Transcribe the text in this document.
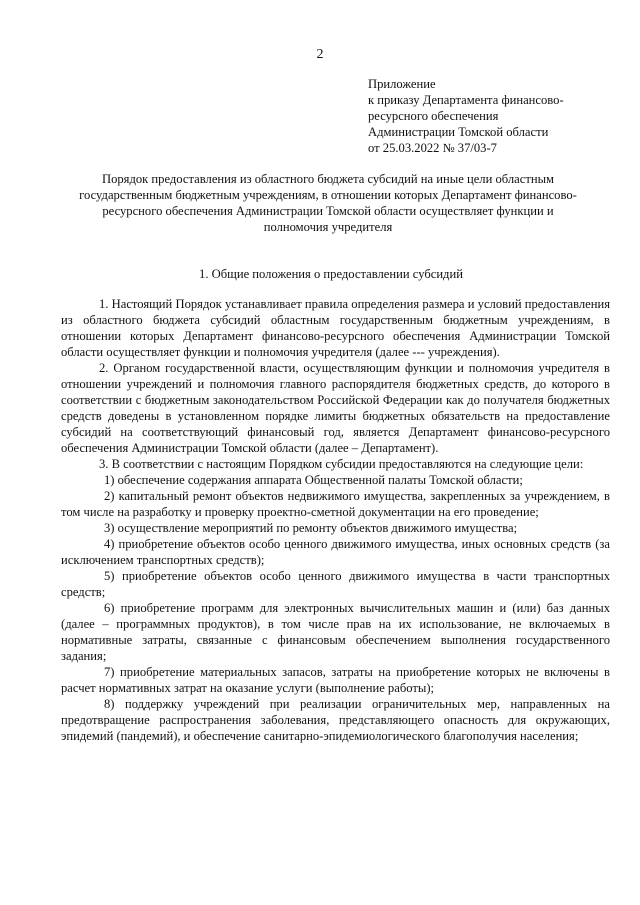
2
Приложение
к приказу Департамента финансово-
ресурсного обеспечения
Администрации Томской области
от 25.03.2022 № 37/03-7
Порядок предоставления из областного бюджета субсидий на иные цели областным государственным бюджетным учреждениям, в отношении которых Департамент финансово-ресурсного обеспечения Администрации Томской области осуществляет функции и полномочия учредителя
1. Общие положения о предоставлении субсидий

1. Настоящий Порядок устанавливает правила определения размера и условий предоставления из областного бюджета субсидий областным государственным бюджетным учреждениям, в отношении которых Департамент финансово-ресурсного обеспечения Администрации Томской области осуществляет функции и полномочия учредителя (далее --- учреждения).

2. Органом государственной власти, осуществляющим функции и полномочия учредителя в отношении учреждений и полномочия главного распорядителя бюджетных средств, до которого в соответствии с бюджетным законодательством Российской Федерации как до получателя бюджетных средств доведены в установленном порядке лимиты бюджетных обязательств на предоставление субсидий на соответствующий финансовый год, является Департамент финансово-ресурсного обеспечения Администрации Томской области (далее – Департамент).

3. В соответствии с настоящим Порядком субсидии предоставляются на следующие цели:

1) обеспечение содержания аппарата Общественной палаты Томской области;

2) капитальный ремонт объектов недвижимого имущества, закрепленных за учреждением, в том числе на разработку и проверку проектно-сметной документации на его проведение;

3) осуществление мероприятий по ремонту объектов движимого имущества;

4) приобретение объектов особо ценного движимого имущества, иных основных средств (за исключением транспортных средств);

5) приобретение объектов особо ценного движимого имущества в части транспортных средств;

6) приобретение программ для электронных вычислительных машин и (или) баз данных (далее – программных продуктов), в том числе прав на их использование, не включаемых в нормативные затраты, связанные с финансовым обеспечением выполнения государственного задания;

7) приобретение материальных запасов, затраты на приобретение которых не включены в расчет нормативных затрат на оказание услуги (выполнение работы);

8) поддержку учреждений при реализации ограничительных мер, направленных на предотвращение распространения заболевания, представляющего опасность для окружающих, эпидемий (пандемий), и обеспечение санитарно-эпидемиологического благополучия населения;
